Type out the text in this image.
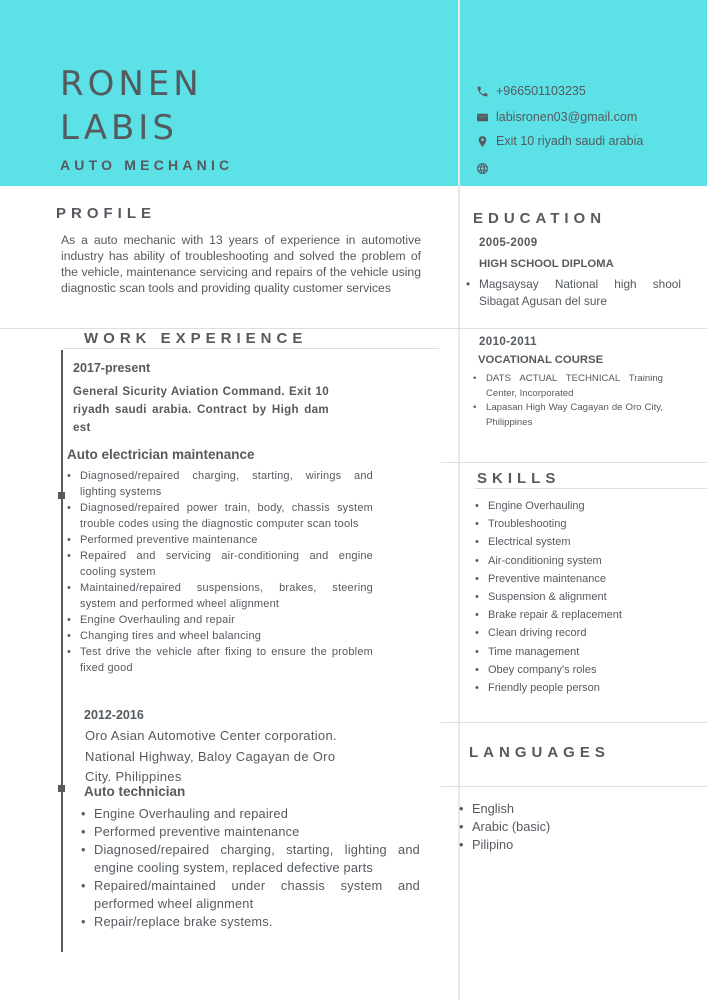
RONEN
LABIS
AUTO MECHANIC
+966501103235
labisronen03@gmail.com
Exit 10 riyadh saudi arabia
PROFILE
As a auto mechanic with 13 years of experience in automotive industry has ability of troubleshooting and solved the problem of the vehicle, maintenance servicing and repairs of the vehicle using diagnostic scan tools and providing quality customer services
EDUCATION
2005-2009
HIGH SCHOOL DIPLOMA
• Magsaysay National high shool Sibagat Agusan del sure
2010-2011
VOCATIONAL COURSE
• DATS ACTUAL TECHNICAL Training Center, Incorporated
• Lapasan High Way Cagayan de Oro City, Philippines
WORK EXPERIENCE
2017-present
General Sicurity Aviation Command. Exit 10 riyadh saudi arabia. Contract by High dam est
Auto electrician maintenance
• Diagnosed/repaired charging, starting, wirings and lighting systems
• Diagnosed/repaired power train, body, chassis system trouble codes using the diagnostic computer scan tools
• Performed preventive maintenance
• Repaired and servicing air-conditioning and engine cooling system
• Maintained/repaired suspensions, brakes, steering system and performed wheel alignment
• Engine Overhauling and repair
• Changing tires and wheel balancing
• Test drive the vehicle after fixing to ensure the problem fixed good
2012-2016
Oro Asian Automotive Center corporation.
National Highway, Baloy Cagayan de Oro
City. Philippines
Auto technician
• Engine Overhauling and repaired
• Performed preventive maintenance
• Diagnosed/repaired charging, starting, lighting and engine cooling system, replaced defective parts
• Repaired/maintained under chassis system and performed wheel alignment
• Repair/replace brake systems.
SKILLS
• Engine Overhauling
• Troubleshooting
• Electrical system
• Air-conditioning system
• Preventive maintenance
• Suspension & alignment
• Brake repair & replacement
• Clean driving record
• Time management
• Obey company's roles
• Friendly people person
LANGUAGES
• English
• Arabic (basic)
• Pilipino
